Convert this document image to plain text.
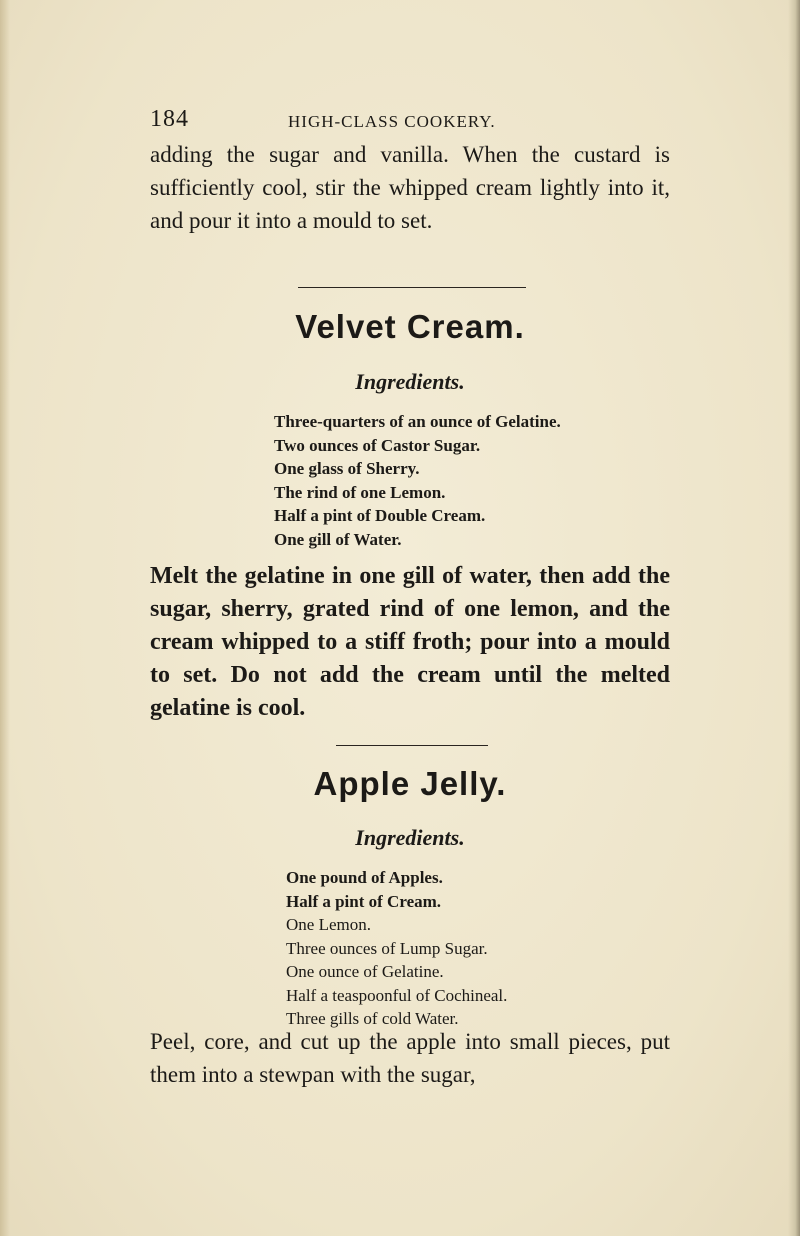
184	HIGH-CLASS COOKERY.

adding the sugar and vanilla. When the custard is sufficiently cool, stir the whipped cream lightly into it, and pour it into a mould to set.

Velvet Cream.
Ingredients.
Three-quarters of an ounce of Gelatine.
Two ounces of Castor Sugar.
One glass of Sherry.
The rind of one Lemon.
Half a pint of Double Cream.
One gill of Water.

Melt the gelatine in one gill of water, then add the sugar, sherry, grated rind of one lemon, and the cream whipped to a stiff froth; pour into a mould to set. Do not add the cream until the melted gelatine is cool.

Apple Jelly.
Ingredients.
One pound of Apples.
Half a pint of Cream.
One Lemon.
Three ounces of Lump Sugar.
One ounce of Gelatine.
Half a teaspoonful of Cochineal.
Three gills of cold Water.

Peel, core, and cut up the apple into small pieces, put them into a stewpan with the sugar,
